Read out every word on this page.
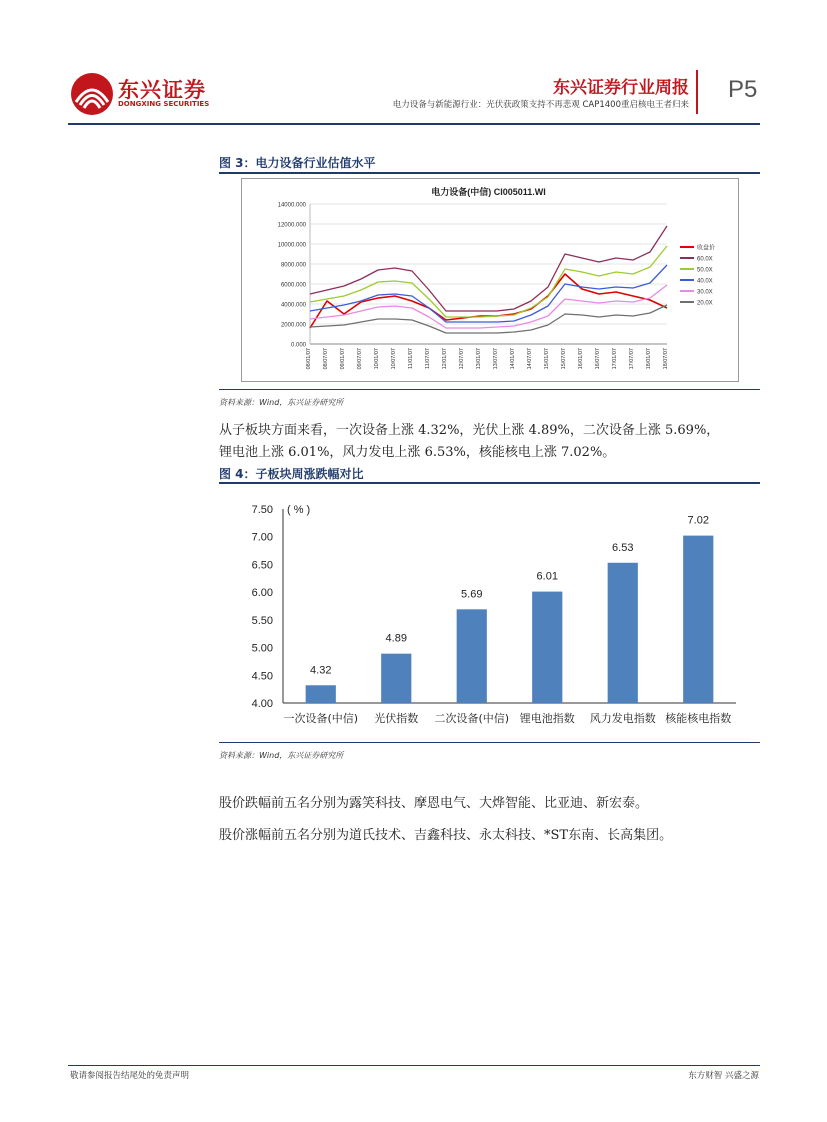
东兴证券
DONGXING SECURITIES
东兴证券行业周报
电力设备与新能源行业：光伏获政策支持不再悲观 CAP1400重启核电王者归来
P5
图 3：电力设备行业估值水平
电力设备(中信) CI005011.WI
0.000
2000.000
4000.000
6000.000
8000.000
10000.000
12000.000
14000.000
08/01/07 08/07/07 09/01/07 09/07/07 10/01/07 10/07/07 11/01/07 11/07/07 12/01/07 12/07/07 13/01/07 13/07/07 14/01/07 14/07/07 15/01/07 15/07/07 16/01/07 16/07/07 17/01/07 17/07/07 18/01/07 18/07/07
收盘价
60.0X
50.0X
40.0X
30.0X
20.0X
资料来源：Wind，东兴证券研究所
从子板块方面来看，一次设备上涨 4.32%，光伏上涨 4.89%，二次设备上涨 5.69%，
锂电池上涨 6.01%，风力发电上涨 6.53%，核能核电上涨 7.02%。
图 4：子板块周涨跌幅对比
4.00
4.50
5.00
5.50
6.00
6.50
7.00
7.50 ( % )
4.32
一次设备(中信)
4.89
光伏指数
5.69
二次设备(中信)
6.01
锂电池指数
6.53
风力发电指数
7.02
核能核电指数
资料来源：Wind，东兴证券研究所
股价跌幅前五名分别为露笑科技、摩恩电气、大烨智能、比亚迪、新宏泰。
股价涨幅前五名分别为道氏技术、吉鑫科技、永太科技、*ST东南、长高集团。
敬请参阅报告结尾处的免责声明	东方财智 兴盛之源
